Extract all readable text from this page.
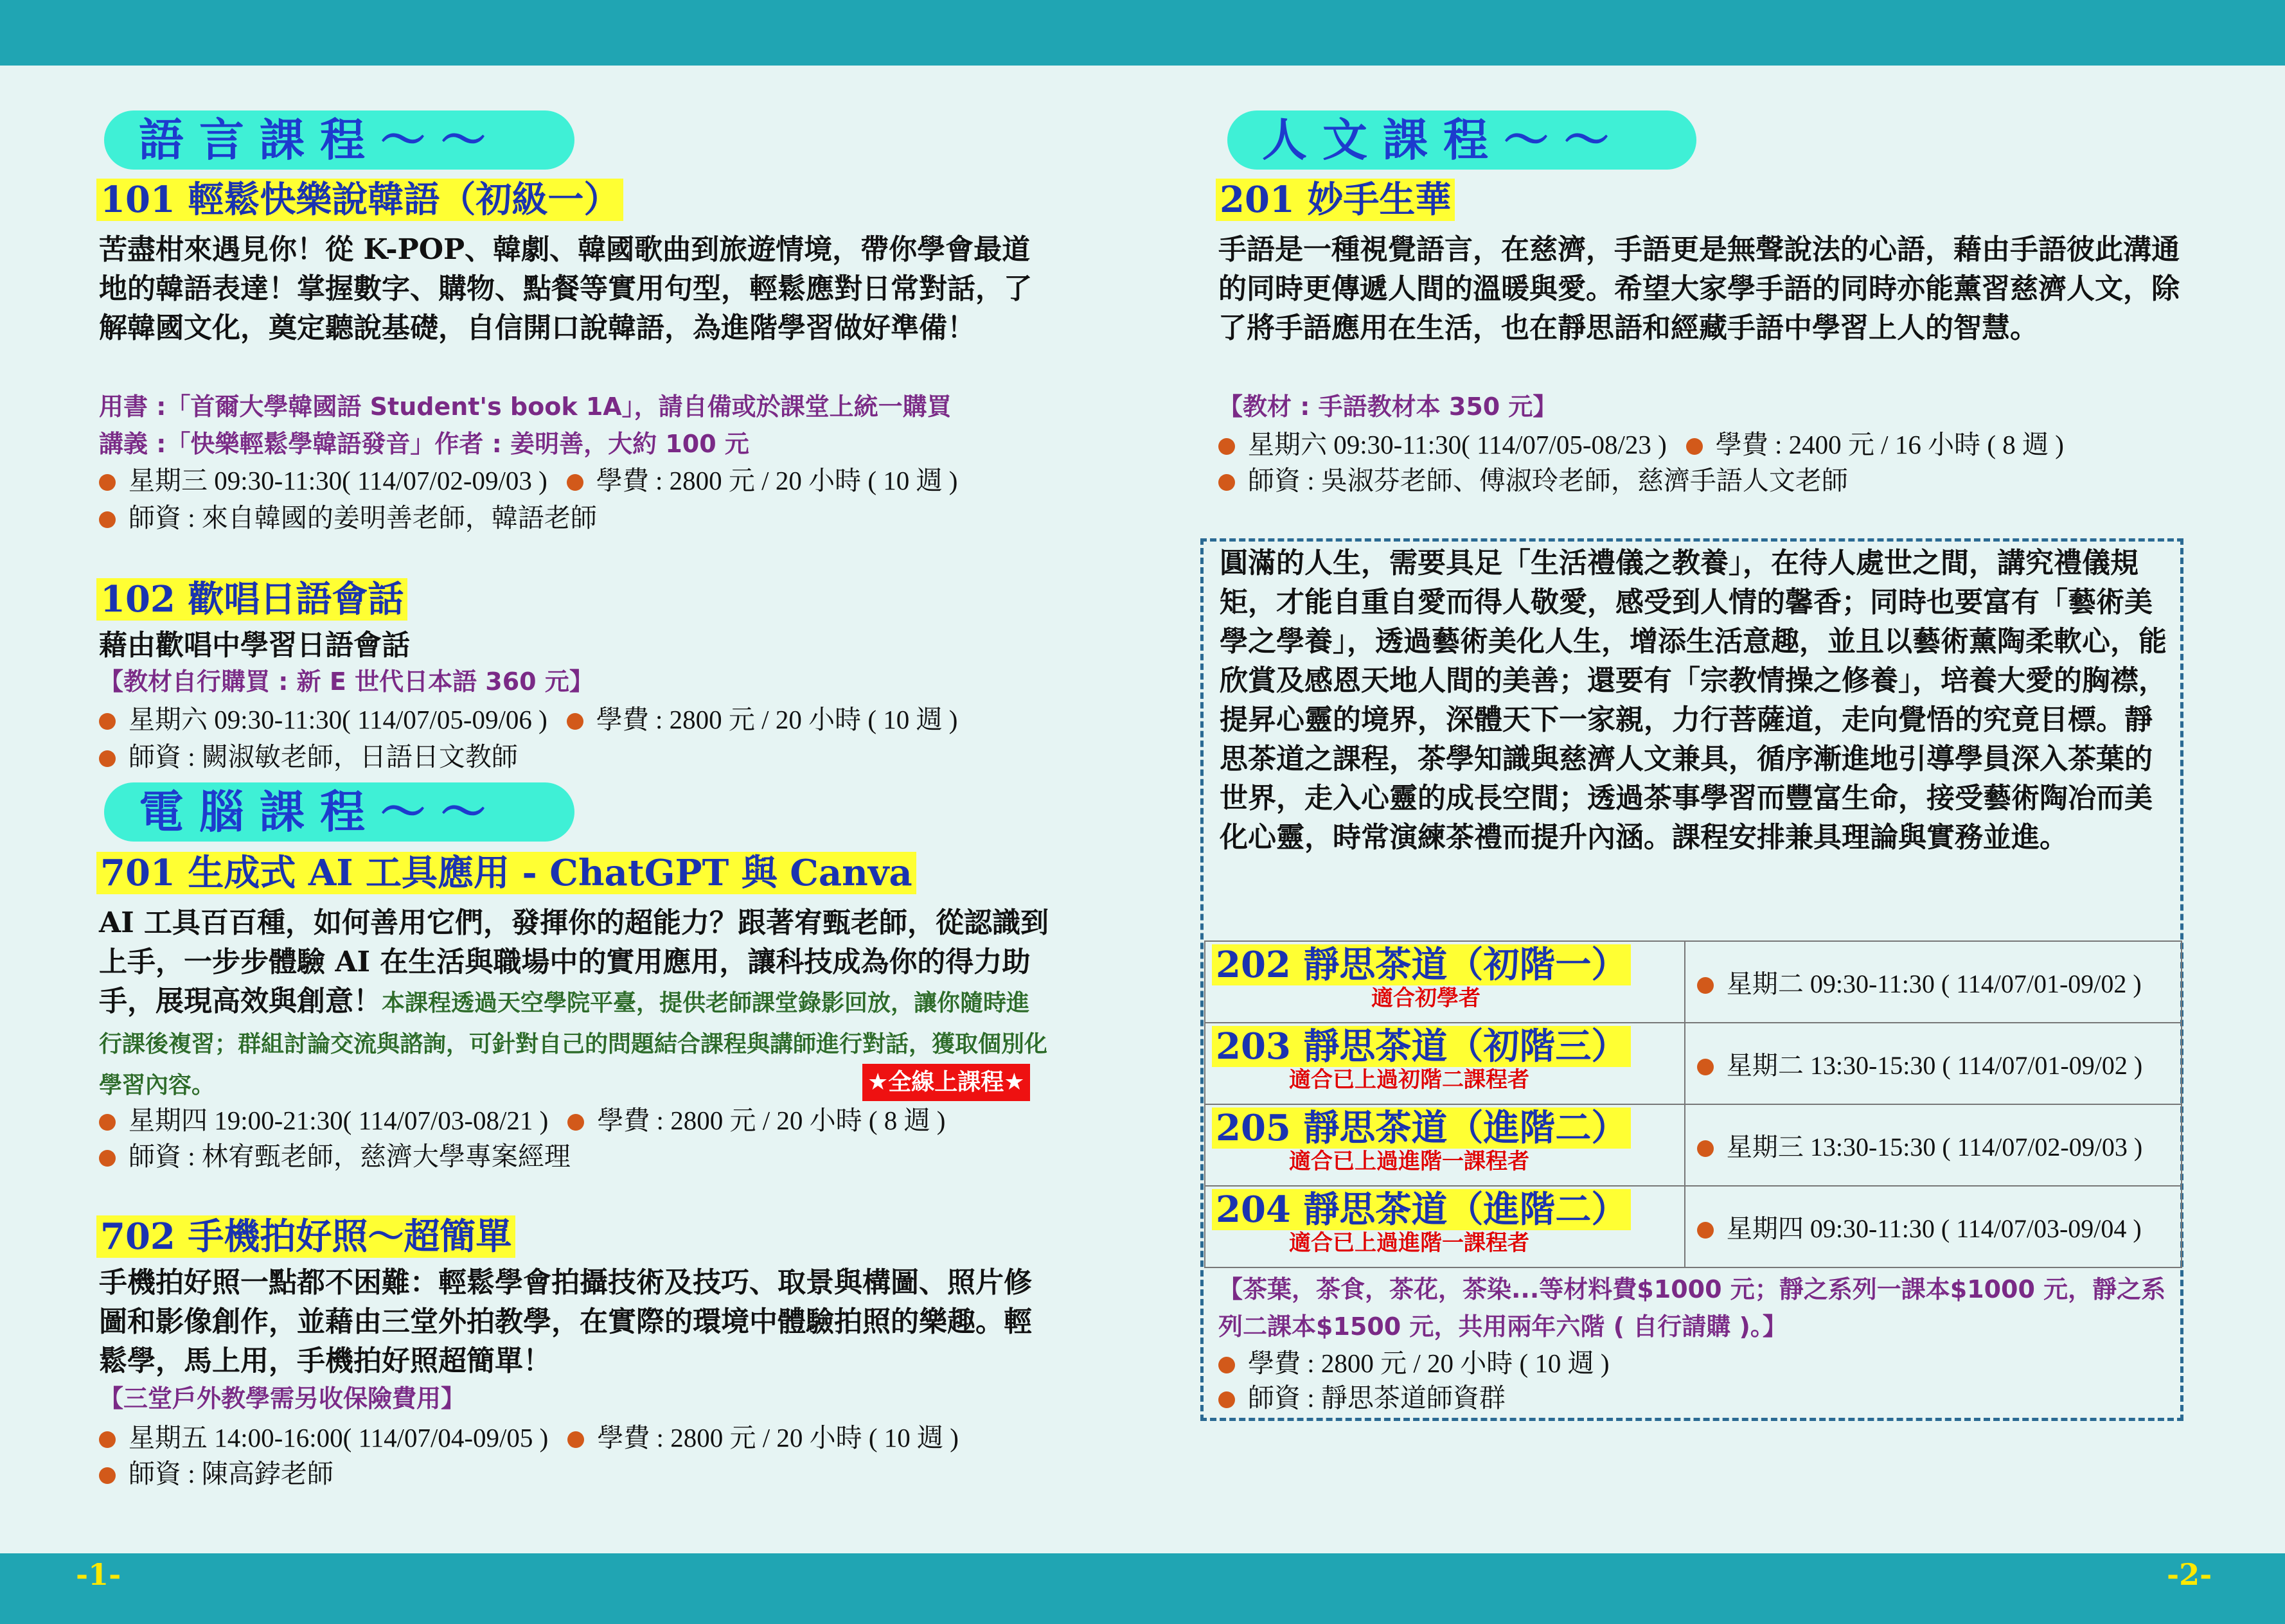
-1-	-2-
語言課程～～
101 輕鬆快樂說韓語（初級一）
苦盡柑來遇見你！從 K-POP、韓劇、韓國歌曲到旅遊情境，帶你學會最道地的韓語表達！掌握數字、購物、點餐等實用句型，輕鬆應對日常對話，了解韓國文化，奠定聽說基礎，自信開口說韓語，為進階學習做好準備！
用書 :「首爾大學韓國語 Student's book 1A」，請自備或於課堂上統一購買
講義 :「快樂輕鬆學韓語發音」作者 : 姜明善，大約 100 元
星期三 09:30-11:30( 114/07/02-09/03 ) 學費 : 2800 元 / 20 小時 ( 10 週 )
師資 : 來自韓國的姜明善老師，韓語老師
102 歡唱日語會話
藉由歡唱中學習日語會話
【教材自行購買 : 新 E 世代日本語 360 元】
星期六 09:30-11:30( 114/07/05-09/06 ) 學費 : 2800 元 / 20 小時 ( 10 週 )
師資 : 闕淑敏老師，日語日文教師
電腦課程～～
701 生成式 AI 工具應用 - ChatGPT 與 Canva
AI 工具百百種，如何善用它們，發揮你的超能力？跟著宥甄老師，從認識到上手，一步步體驗 AI 在生活與職場中的實用應用，讓科技成為你的得力助手，展現高效與創意！本課程透過天空學院平臺，提供老師課堂錄影回放，讓你隨時進行課後複習；群組討論交流與諮詢，可針對自己的問題結合課程與講師進行對話，獲取個別化學習內容。	★全線上課程★
星期四 19:00-21:30( 114/07/03-08/21 ) 學費 : 2800 元 / 20 小時 ( 8 週 )
師資 : 林宥甄老師，慈濟大學專案經理
702 手機拍好照～超簡單
手機拍好照一點都不困難：輕鬆學會拍攝技術及技巧、取景與構圖、照片修圖和影像創作，並藉由三堂外拍教學，在實際的環境中體驗拍照的樂趣。輕鬆學，馬上用，手機拍好照超簡單！
【三堂戶外教學需另收保險費用】
星期五 14:00-16:00( 114/07/04-09/05 ) 學費 : 2800 元 / 20 小時 ( 10 週 )
師資 : 陳高鋍老師
人文課程～～
201 妙手生華
手語是一種視覺語言，在慈濟，手語更是無聲說法的心語，藉由手語彼此溝通的同時更傳遞人間的溫暖與愛。希望大家學手語的同時亦能薰習慈濟人文，除了將手語應用在生活，也在靜思語和經藏手語中學習上人的智慧。
【教材 : 手語教材本 350 元】
星期六 09:30-11:30( 114/07/05-08/23 ) 學費 : 2400 元 / 16 小時 ( 8 週 )
師資 : 吳淑芬老師、傅淑玲老師，慈濟手語人文老師
圓滿的人生，需要具足「生活禮儀之教養」，在待人處世之間，講究禮儀規矩，才能自重自愛而得人敬愛，感受到人情的馨香；同時也要富有「藝術美學之學養」，透過藝術美化人生，增添生活意趣，並且以藝術薰陶柔軟心，能欣賞及感恩天地人間的美善；還要有「宗教情操之修養」，培養大愛的胸襟，提昇心靈的境界，深體天下一家親，力行菩薩道，走向覺悟的究竟目標。靜思茶道之課程，茶學知識與慈濟人文兼具，循序漸進地引導學員深入茶葉的世界，走入心靈的成長空間；透過茶事學習而豐富生命，接受藝術陶冶而美化心靈，時常演練茶禮而提升內涵。課程安排兼具理論與實務並進。
202 靜思茶道（初階一）
適合初學者	星期二 09:30-11:30 ( 114/07/01-09/02 )
203 靜思茶道（初階三）
適合已上過初階二課程者	星期二 13:30-15:30 ( 114/07/01-09/02 )
205 靜思茶道（進階二）
適合已上過進階一課程者	星期三 13:30-15:30 ( 114/07/02-09/03 )
204 靜思茶道（進階二）
適合已上過進階一課程者	星期四 09:30-11:30 ( 114/07/03-09/04 )
【茶葉，茶食，茶花，茶染...等材料費$1000 元；靜之系列一課本$1000 元，靜之系列二課本$1500 元，共用兩年六階 ( 自行請購 )。】
學費 : 2800 元 / 20 小時 ( 10 週 )
師資 : 靜思茶道師資群
